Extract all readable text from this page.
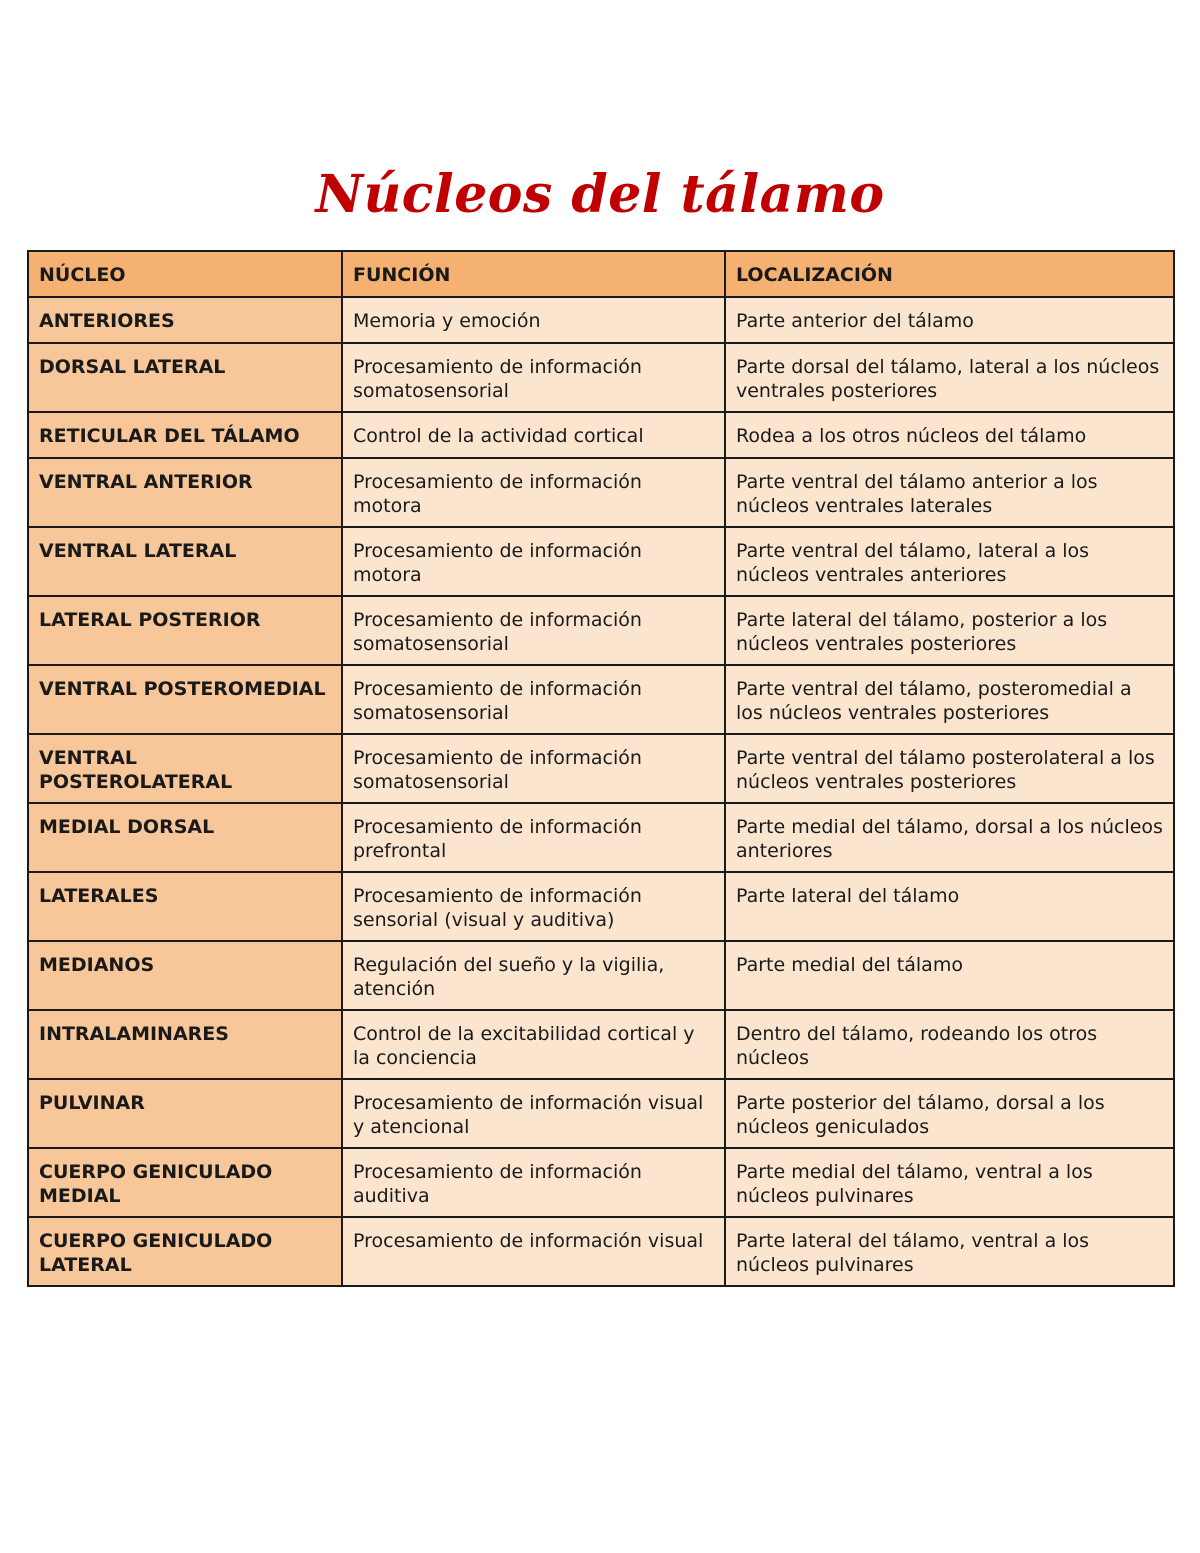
Núcleos del tálamo
NÚCLEO	FUNCIÓN	LOCALIZACIÓN
ANTERIORES	Memoria y emoción	Parte anterior del tálamo
DORSAL LATERAL	Procesamiento de información somatosensorial	Parte dorsal del tálamo, lateral a los núcleos ventrales posteriores
RETICULAR DEL TÁLAMO	Control de la actividad cortical	Rodea a los otros núcleos del tálamo
VENTRAL ANTERIOR	Procesamiento de información motora	Parte ventral del tálamo anterior a los núcleos ventrales laterales
VENTRAL LATERAL	Procesamiento de información motora	Parte ventral del tálamo, lateral a los núcleos ventrales anteriores
LATERAL POSTERIOR	Procesamiento de información somatosensorial	Parte lateral del tálamo, posterior a los núcleos ventrales posteriores
VENTRAL POSTEROMEDIAL	Procesamiento de información somatosensorial	Parte ventral del tálamo, posteromedial a los núcleos ventrales posteriores
VENTRAL POSTEROLATERAL	Procesamiento de información somatosensorial	Parte ventral del tálamo posterolateral a los núcleos ventrales posteriores
MEDIAL DORSAL	Procesamiento de información prefrontal	Parte medial del tálamo, dorsal a los núcleos anteriores
LATERALES	Procesamiento de información sensorial (visual y auditiva)	Parte lateral del tálamo
MEDIANOS	Regulación del sueño y la vigilia, atención	Parte medial del tálamo
INTRALAMINARES	Control de la excitabilidad cortical y la conciencia	Dentro del tálamo, rodeando los otros núcleos
PULVINAR	Procesamiento de información visual y atencional	Parte posterior del tálamo, dorsal a los núcleos geniculados
CUERPO GENICULADO MEDIAL	Procesamiento de información auditiva	Parte medial del tálamo, ventral a los núcleos pulvinares
CUERPO GENICULADO LATERAL	Procesamiento de información visual	Parte lateral del tálamo, ventral a los núcleos pulvinares
